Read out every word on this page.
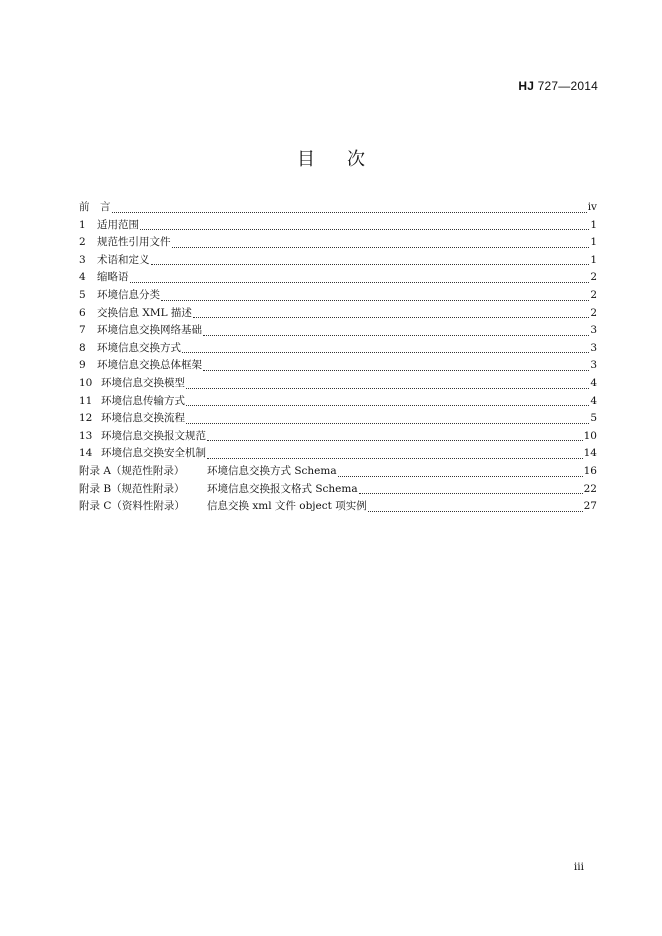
HJ 727—2014
目次
前　言	iv
1	适用范围	1
2	规范性引用文件	1
3	术语和定义	1
4	缩略语	2
5	环境信息分类	2
6	交换信息 XML 描述	2
7	环境信息交换网络基础	3
8	环境信息交换方式	3
9	环境信息交换总体框架	3
10 环境信息交换模型	4
11 环境信息传输方式	4
12 环境信息交换流程	5
13 环境信息交换报文规范	10
14 环境信息交换安全机制	14
附录 A（规范性附录）	环境信息交换方式 Schema	16
附录 B（规范性附录）	环境信息交换报文格式 Schema	22
附录 C（资料性附录）	信息交换 xml 文件 object 项实例	27
iii
